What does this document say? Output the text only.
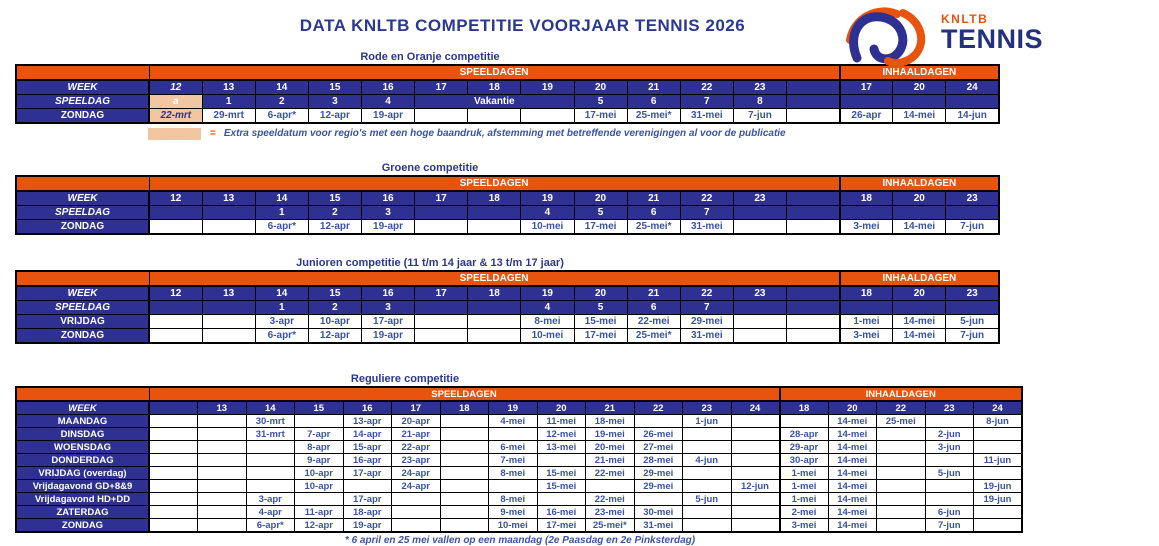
DATA KNLTB COMPETITIE VOORJAAR TENNIS 2026	KNLTB
TENNIS
Rode en Oranje competitie
	SPEELDAGEN													INHAALDAGEN		
WEEK	12	13	14	15	16	17	18	19	20	21	22	23		17	20	24
SPEELDAG	a	1	2	3	4	Vakantie			5	6	7	8				
ZONDAG	22-mrt	29-mrt	6-apr*	12-apr	19-apr				17-mei	25-mei*	31-mei	7-jun		26-apr	14-mei	14-jun
= Extra speeldatum voor regio's met een hoge baandruk, afstemming met betreffende verenigingen al voor de publicatie
Groene competitie
	SPEELDAGEN													INHAALDAGEN		
WEEK	12	13	14	15	16	17	18	19	20	21	22	23		18	20	23
SPEELDAG			1	2	3			4	5	6	7					
ZONDAG			6-apr*	12-apr	19-apr			10-mei	17-mei	25-mei*	31-mei			3-mei	14-mei	7-jun
Junioren competitie (11 t/m 14 jaar & 13 t/m 17 jaar)
	SPEELDAGEN													INHAALDAGEN		
WEEK	12	13	14	15	16	17	18	19	20	21	22	23		18	20	23
SPEELDAG			1	2	3			4	5	6	7					
VRIJDAG			3-apr	10-apr	17-apr			8-mei	15-mei	22-mei	29-mei			1-mei	14-mei	5-jun
ZONDAG			6-apr*	12-apr	19-apr			10-mei	17-mei	25-mei*	31-mei			3-mei	14-mei	7-jun
Reguliere competitie
	SPEELDAGEN													INHAALDAGEN				
WEEK		13	14	15	16	17	18	19	20	21	22	23	24	18	20	22	23	24
MAANDAG			30-mrt		13-apr	20-apr		4-mei	11-mei	18-mei		1-jun			14-mei	25-mei		8-jun
DINSDAG			31-mrt	7-apr	14-apr	21-apr			12-mei	19-mei	26-mei			28-apr	14-mei		2-jun	
WOENSDAG				8-apr	15-apr	22-apr		6-mei	13-mei	20-mei	27-mei			29-apr	14-mei		3-jun	
DONDERDAG				9-apr	16-apr	23-apr		7-mei		21-mei	28-mei	4-jun		30-apr	14-mei			11-jun
VRIJDAG (overdag)				10-apr	17-apr	24-apr		8-mei	15-mei	22-mei	29-mei			1-mei	14-mei		5-jun	
Vrijdagavond GD+8&9				10-apr		24-apr			15-mei		29-mei		12-jun	1-mei	14-mei			19-jun
Vrijdagavond HD+DD			3-apr		17-apr			8-mei		22-mei		5-jun		1-mei	14-mei			19-jun
ZATERDAG			4-apr	11-apr	18-apr			9-mei	16-mei	23-mei	30-mei			2-mei	14-mei		6-jun	
ZONDAG			6-apr*	12-apr	19-apr			10-mei	17-mei	25-mei*	31-mei			3-mei	14-mei		7-jun	
* 6 april en 25 mei vallen op een maandag (2e Paasdag en 2e Pinksterdag)
